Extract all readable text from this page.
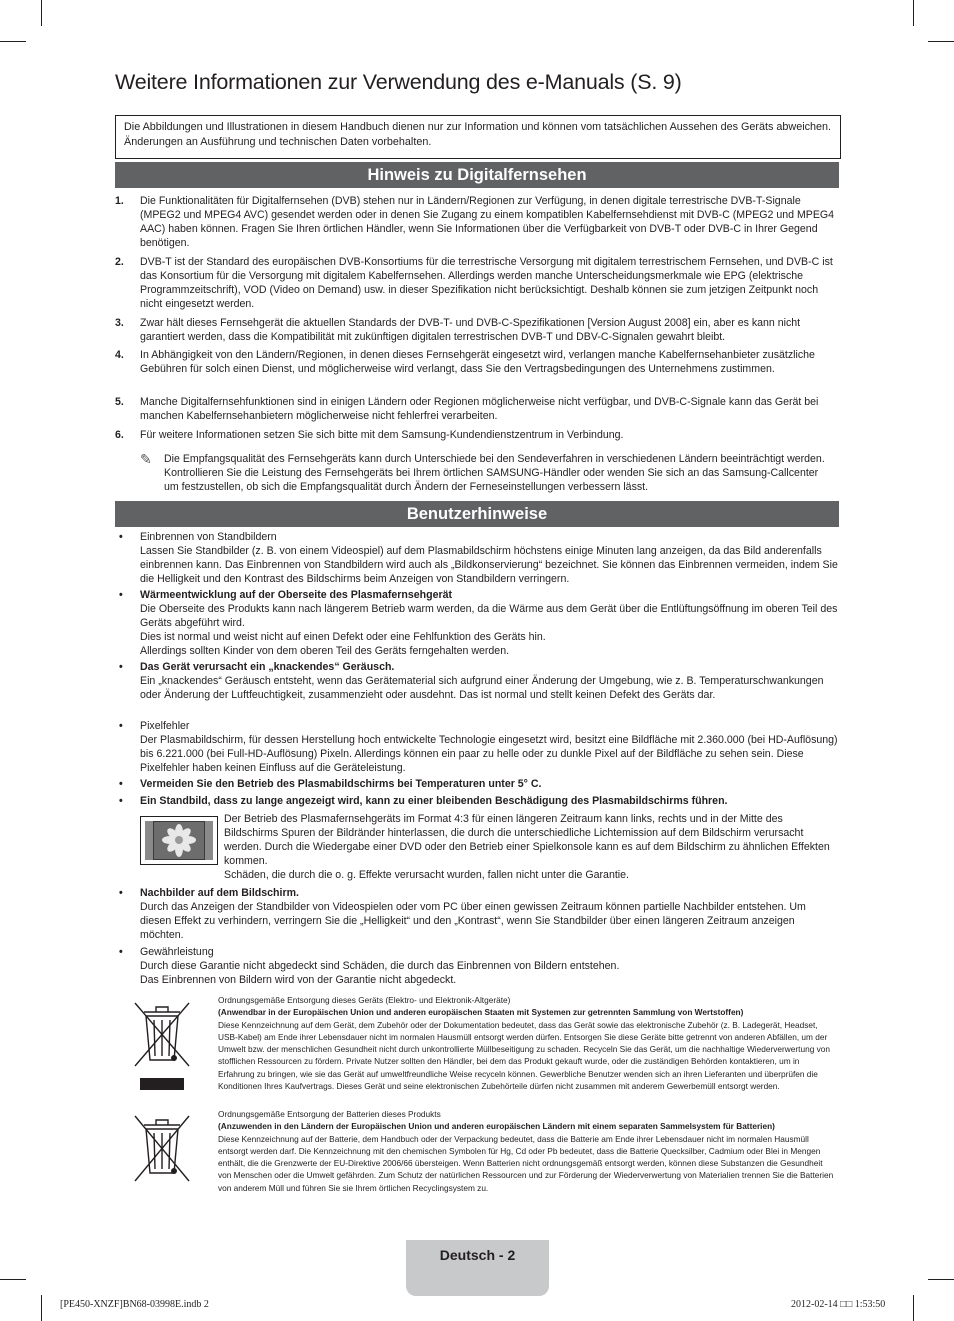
Weitere Informationen zur Verwendung des e-Manuals (S. 9)
Die Abbildungen und Illustrationen in diesem Handbuch dienen nur zur Information und können vom tatsächlichen Aussehen des Geräts abweichen. Änderungen an Ausführung und technischen Daten vorbehalten.
Hinweis zu Digitalfernsehen
1. Die Funktionalitäten für Digitalfernsehen (DVB) stehen nur in Ländern/Regionen zur Verfügung, in denen digitale terrestrische DVB-T-Signale (MPEG2 und MPEG4 AVC) gesendet werden oder in denen Sie Zugang zu einem kompatiblen Kabelfernsehdienst mit DVB-C (MPEG2 und MPEG4 AAC) haben können. Fragen Sie Ihren örtlichen Händler, wenn Sie Informationen über die Verfügbarkeit von DVB-T oder DVB-C in Ihrer Gegend benötigen.
2. DVB-T ist der Standard des europäischen DVB-Konsortiums für die terrestrische Versorgung mit digitalem terrestrischem Fernsehen, und DVB-C ist das Konsortium für die Versorgung mit digitalem Kabelfernsehen. Allerdings werden manche Unterscheidungsmerkmale wie EPG (elektrische Programmzeitschrift), VOD (Video on Demand) usw. in dieser Spezifikation nicht berücksichtigt. Deshalb können sie zum jetzigen Zeitpunkt noch nicht eingesetzt werden.
3. Zwar hält dieses Fernsehgerät die aktuellen Standards der DVB-T- und DVB-C-Spezifikationen [Version August 2008] ein, aber es kann nicht garantiert werden, dass die Kompatibilität mit zukünftigen digitalen terrestrischen DVB-T und DBV-C-Signalen gewahrt bleibt.
4. In Abhängigkeit von den Ländern/Regionen, in denen dieses Fernsehgerät eingesetzt wird, verlangen manche Kabelfernsehanbieter zusätzliche Gebühren für solch einen Dienst, und möglicherweise wird verlangt, dass Sie den Vertragsbedingungen des Unternehmens zustimmen.
5. Manche Digitalfernsehfunktionen sind in einigen Ländern oder Regionen möglicherweise nicht verfügbar, und DVB-C-Signale kann das Gerät bei manchen Kabelfernsehanbietern möglicherweise nicht fehlerfrei verarbeiten.
6. Für weitere Informationen setzen Sie sich bitte mit dem Samsung-Kundendienstzentrum in Verbindung.
✎ Die Empfangsqualität des Fernsehgeräts kann durch Unterschiede bei den Sendeverfahren in verschiedenen Ländern beeinträchtigt werden. Kontrollieren Sie die Leistung des Fernsehgeräts bei Ihrem örtlichen SAMSUNG-Händler oder wenden Sie sich an das Samsung-Callcenter um festzustellen, ob sich die Empfangsqualität durch Ändern der Ferneseinstellungen verbessern lässt.
Benutzerhinweise
• Einbrennen von Standbildern
Lassen Sie Standbilder (z. B. von einem Videospiel) auf dem Plasmabildschirm höchstens einige Minuten lang anzeigen, da das Bild anderenfalls einbrennen kann. Das Einbrennen von Standbildern wird auch als „Bildkonservierung“ bezeichnet. Sie können das Einbrennen vermeiden, indem Sie die Helligkeit und den Kontrast des Bildschirms beim Anzeigen von Standbildern verringern.
• Wärmeentwicklung auf der Oberseite des Plasmafernsehgerät
Die Oberseite des Produkts kann nach längerem Betrieb warm werden, da die Wärme aus dem Gerät über die Entlüftungsöffnung im oberen Teil des Geräts abgeführt wird.
Dies ist normal und weist nicht auf einen Defekt oder eine Fehlfunktion des Geräts hin.
Allerdings sollten Kinder von dem oberen Teil des Geräts ferngehalten werden.
• Das Gerät verursacht ein „knackendes“ Geräusch.
Ein „knackendes“ Geräusch entsteht, wenn das Gerätematerial sich aufgrund einer Änderung der Umgebung, wie z. B. Temperaturschwankungen oder Änderung der Luftfeuchtigkeit, zusammenzieht oder ausdehnt. Das ist normal und stellt keinen Defekt des Geräts dar.
• Pixelfehler
Der Plasmabildschirm, für dessen Herstellung hoch entwickelte Technologie eingesetzt wird, besitzt eine Bildfläche mit 2.360.000 (bei HD-Auflösung) bis 6.221.000 (bei Full-HD-Auflösung) Pixeln. Allerdings können ein paar zu helle oder zu dunkle Pixel auf der Bildfläche zu sehen sein. Diese Pixelfehler haben keinen Einfluss auf die Geräteleistung.
• Vermeiden Sie den Betrieb des Plasmabildschirms bei Temperaturen unter 5° C.
• Ein Standbild, dass zu lange angezeigt wird, kann zu einer bleibenden Beschädigung des Plasmabildschirms führen.
Der Betrieb des Plasmafernsehgeräts im Format 4:3 für einen längeren Zeitraum kann links, rechts und in der Mitte des Bildschirms Spuren der Bildränder hinterlassen, die durch die unterschiedliche Lichtemission auf dem Bildschirm verursacht werden. Durch die Wiedergabe einer DVD oder den Betrieb einer Spielkonsole kann es auf dem Bildschirm zu ähnlichen Effekten kommen.
Schäden, die durch die o. g. Effekte verursacht wurden, fallen nicht unter die Garantie.
• Nachbilder auf dem Bildschirm.
Durch das Anzeigen der Standbilder von Videospielen oder vom PC über einen gewissen Zeitraum können partielle Nachbilder entstehen. Um diesen Effekt zu verhindern, verringern Sie die „Helligkeit“ und den „Kontrast“, wenn Sie Standbilder über einen längeren Zeitraum anzeigen möchten.
• Gewährleistung
Durch diese Garantie nicht abgedeckt sind Schäden, die durch das Einbrennen von Bildern entstehen.
Das Einbrennen von Bildern wird von der Garantie nicht abgedeckt.
Ordnungsgemäße Entsorgung dieses Geräts (Elektro- und Elektronik-Altgeräte)
(Anwendbar in der Europäischen Union und anderen europäischen Staaten mit Systemen zur getrennten Sammlung von Wertstoffen)
Diese Kennzeichnung auf dem Gerät, dem Zubehör oder der Dokumentation bedeutet, dass das Gerät sowie das elektronische Zubehör (z. B. Ladegerät, Headset, USB-Kabel) am Ende ihrer Lebensdauer nicht im normalen Hausmüll entsorgt werden dürfen. Entsorgen Sie diese Geräte bitte getrennt von anderen Abfällen, um der Umwelt bzw. der menschlichen Gesundheit nicht durch unkontrollierte Müllbeseitigung zu schaden. Recyceln Sie das Gerät, um die nachhaltige Wiederverwertung von stofflichen Ressourcen zu fördern. Private Nutzer sollten den Händler, bei dem das Produkt gekauft wurde, oder die zuständigen Behörden kontaktieren, um in Erfahrung zu bringen, wie sie das Gerät auf umweltfreundliche Weise recyceln können. Gewerbliche Benutzer wenden sich an ihren Lieferanten und überprüfen die Konditionen Ihres Kaufvertrags. Dieses Gerät und seine elektronischen Zubehörteile dürfen nicht zusammen mit anderem Gewerbemüll entsorgt werden.
Ordnungsgemäße Entsorgung der Batterien dieses Produkts
(Anzuwenden in den Ländern der Europäischen Union und anderen europäischen Ländern mit einem separaten Sammelsystem für Batterien)
Diese Kennzeichnung auf der Batterie, dem Handbuch oder der Verpackung bedeutet, dass die Batterie am Ende ihrer Lebensdauer nicht im normalen Hausmüll entsorgt werden darf. Die Kennzeichnung mit den chemischen Symbolen für Hg, Cd oder Pb bedeutet, dass die Batterie Quecksilber, Cadmium oder Blei in Mengen enthält, die die Grenzwerte der EU-Direktive 2006/66 übersteigen. Wenn Batterien nicht ordnungsgemäß entsorgt werden, können diese Substanzen die Gesundheit von Menschen oder die Umwelt gefährden. Zum Schutz der natürlichen Ressourcen und zur Förderung der Wiederverwertung von Materialien trennen Sie die Batterien von anderem Müll und führen Sie sie Ihrem örtlichen Recyclingsystem zu.
Deutsch - 2
[PE450-XNZF]BN68-03998E.indb 2	2012-02-14 □□ 1:53:50
